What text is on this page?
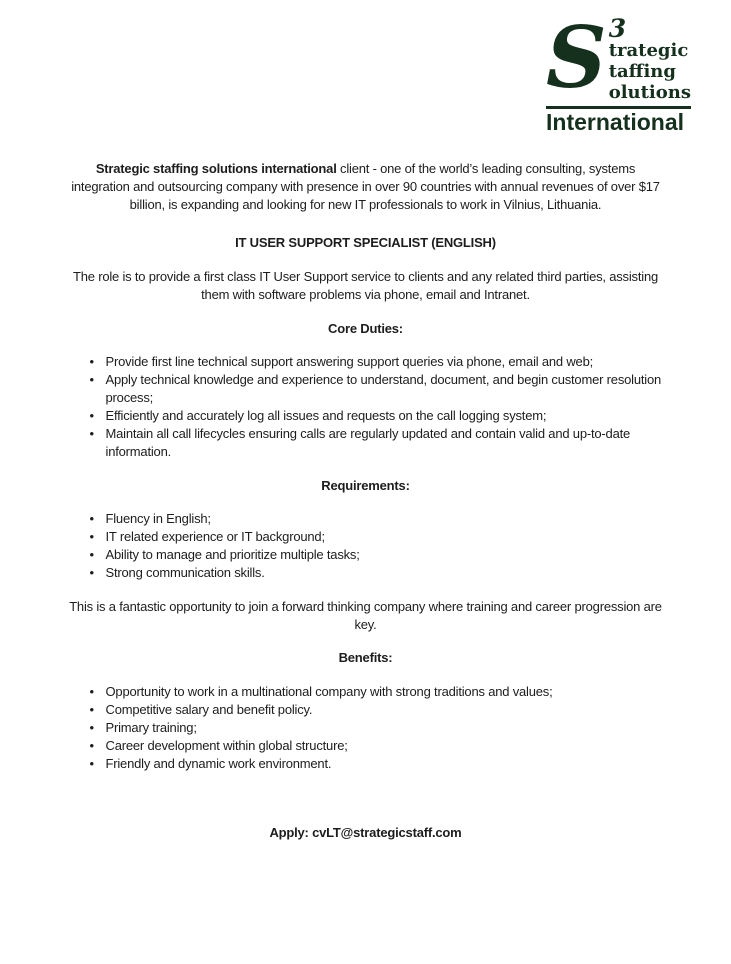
S 3
trategic
taffing
olutions
International

Strategic staffing solutions international client - one of the world’s leading consulting, systems integration and outsourcing company with presence in over 90 countries with annual revenues of over $17 billion, is expanding and looking for new IT professionals to work in Vilnius, Lithuania.

IT USER SUPPORT SPECIALIST (ENGLISH)

The role is to provide a first class IT User Support service to clients and any related third parties, assisting them with software problems via phone, email and Intranet.

Core Duties:

• Provide first line technical support answering support queries via phone, email and web;
• Apply technical knowledge and experience to understand, document, and begin customer resolution process;
• Efficiently and accurately log all issues and requests on the call logging system;
• Maintain all call lifecycles ensuring calls are regularly updated and contain valid and up-to-date information.

Requirements:

• Fluency in English;
• IT related experience or IT background;
• Ability to manage and prioritize multiple tasks;
• Strong communication skills.

This is a fantastic opportunity to join a forward thinking company where training and career progression are key.

Benefits:

• Opportunity to work in a multinational company with strong traditions and values;
• Competitive salary and benefit policy.
• Primary training;
• Career development within global structure;
• Friendly and dynamic work environment.

Apply: cvLT@strategicstaff.com
